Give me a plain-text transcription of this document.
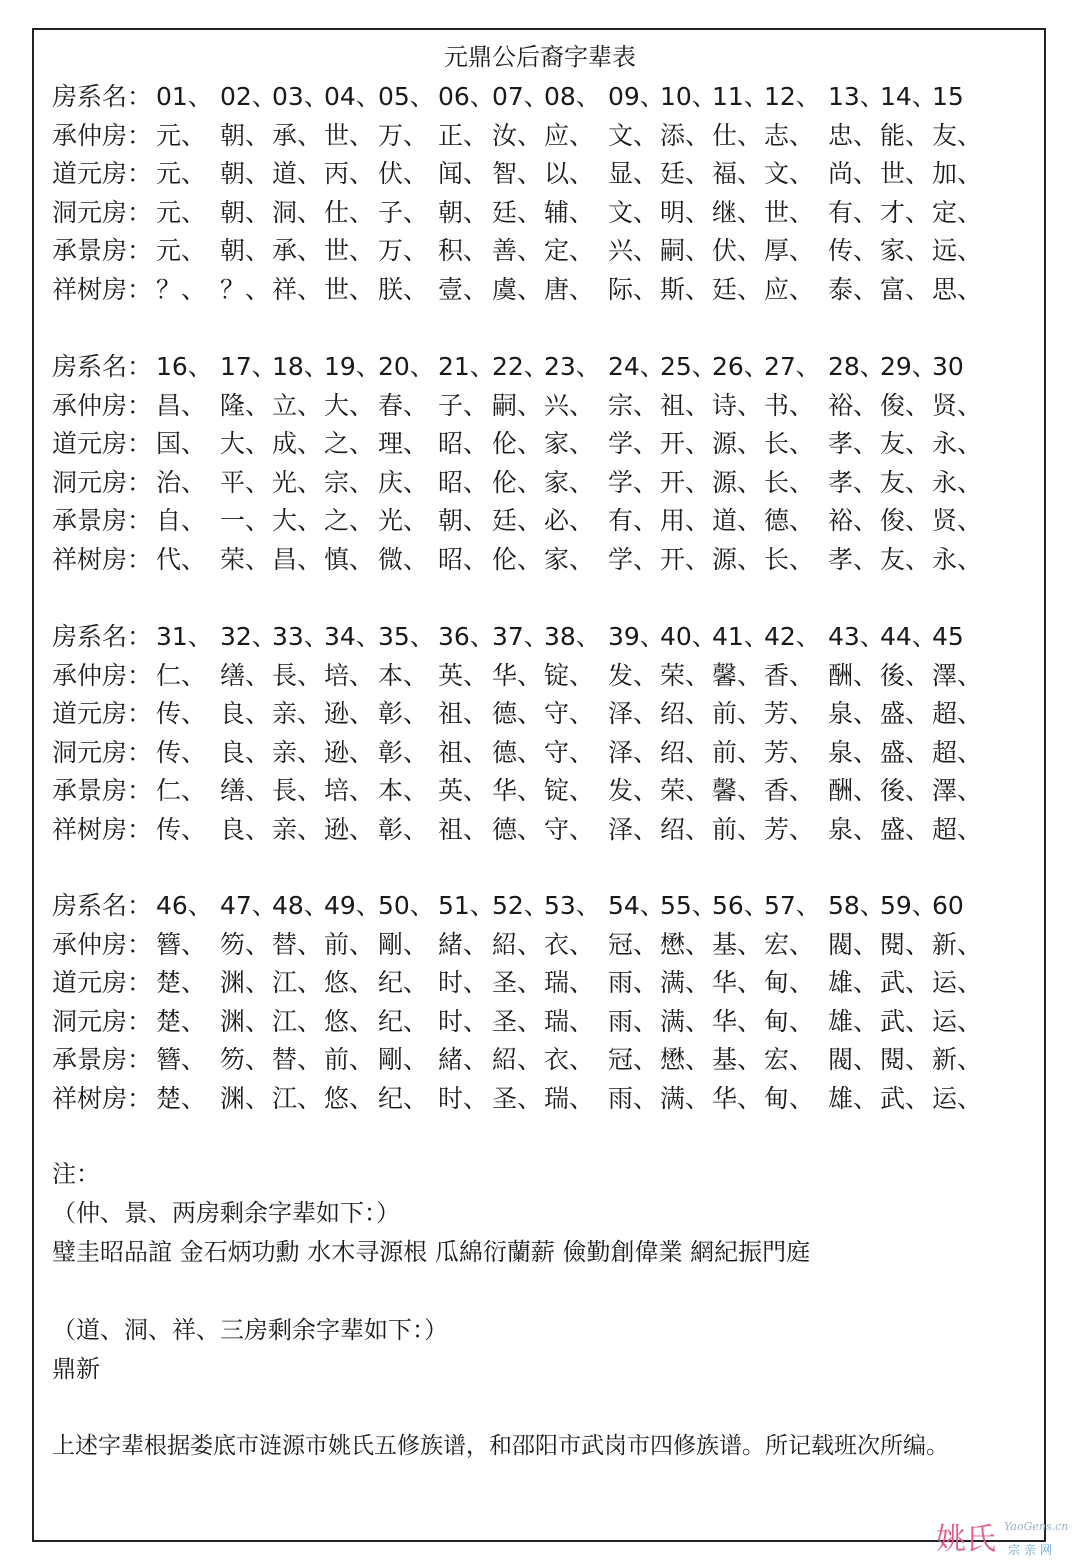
元鼎公后裔字辈表
房系名： 01、 02、
03、
04、
05、 06、
07、
08、 09、
10、
11、
12、 13、
14、
15
承仲房： 元、 朝、 承、 世、 万、 正、 汝、 应、 文、 添、 仕、 志、 忠、 能、 友、
道元房： 元、 朝、 道、 丙、 伏、 闻、 智、 以、 显、 廷、 福、 文、 尚、 世、 加、
洞元房： 元、 朝、 洞、 仕、 子、 朝、 廷、 辅、 文、 明、 继、 世、 有、 才、 定、
承景房： 元、 朝、 承、 世、 万、 积、 善、 定、 兴、 嗣、 伏、 厚、 传、 家、 远、
祥树房： ？、 ？、 祥、 世、 朕、 壹、 虞、 唐、 际、 斯、 廷、 应、 泰、 富、 思、
房系名： 16、 17、
18、
19、
20、 21、
22、
23、 24、
25、
26、
27、 28、
29、
30
承仲房： 昌、 隆、 立、 大、 春、 子、 嗣、 兴、 宗、 祖、 诗、 书、 裕、 俊、 贤、
道元房： 国、 大、 成、 之、 理、 昭、 伦、 家、 学、 开、 源、 长、 孝、 友、 永、
洞元房： 治、 平、 光、 宗、 庆、 昭、 伦、 家、 学、 开、 源、 长、 孝、 友、 永、
承景房： 自、 一、 大、 之、 光、 朝、 廷、 必、 有、 用、 道、 德、 裕、 俊、 贤、
祥树房： 代、 荣、 昌、 慎、 微、 昭、 伦、 家、 学、 开、 源、 长、 孝、 友、 永、
房系名： 31、 32、
33、
34、
35、 36、
37、
38、 39、
40、
41、
42、 43、
44、
45
承仲房： 仁、 缮、 長、 培、 本、 英、 华、 锭、 发、 荣、 馨、 香、 酬、 後、 澤、
道元房： 传、 良、 亲、 逊、 彰、 祖、 德、 守、 泽、 绍、 前、 芳、 泉、 盛、 超、
洞元房： 传、 良、 亲、 逊、 彰、 祖、 德、 守、 泽、 绍、 前、 芳、 泉、 盛、 超、
承景房： 仁、 缮、 長、 培、 本、 英、 华、 锭、 发、 荣、 馨、 香、 酬、 後、 澤、
祥树房： 传、 良、 亲、 逊、 彰、 祖、 德、 守、 泽、 绍、 前、 芳、 泉、 盛、 超、
房系名： 46、 47、
48、
49、
50、 51、
52、
53、 54、
55、
56、
57、 58、
59、
60
承仲房： 簪、 笏、 替、 前、 剛、 緒、 紹、 衣、 冠、 懋、 基、 宏、 閥、 閱、 新、
道元房： 楚、 渊、 江、 悠、 纪、 时、 圣、 瑞、 雨、 满、 华、 甸、 雄、 武、 运、
洞元房： 楚、 渊、 江、 悠、 纪、 时、 圣、 瑞、 雨、 满、 华、 甸、 雄、 武、 运、
承景房： 簪、 笏、 替、 前、 剛、 緒、 紹、 衣、 冠、 懋、 基、 宏、 閥、 閱、 新、
祥树房： 楚、 渊、 江、 悠、 纪、 时、 圣、 瑞、 雨、 满、 华、 甸、 雄、 武、 运、
注：
（仲、景、两房剩余字辈如下：）
璧圭昭品誼 金石炳功勳 水木寻源根 瓜綿衍蘭薪 儉勤創偉業 網紀振門庭
（道、洞、祥、三房剩余字辈如下：）
鼎新
上述字辈根据娄底市涟源市姚氏五修族谱，和邵阳市武岗市四修族谱。所记载班次所编。
姚氏 YaoGens.cn
宗亲网
